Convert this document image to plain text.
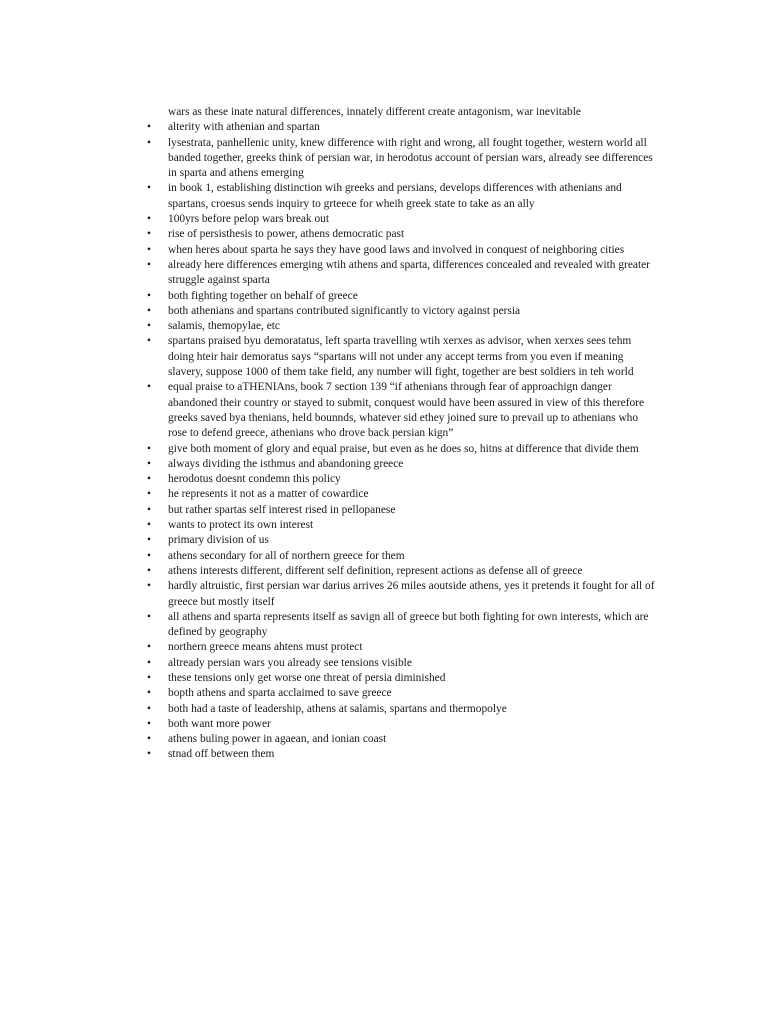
wars as these inate natural differences, innately different create antagonism, war inevitable
•	alterity with athenian and spartan
•	lysestrata, panhellenic unity, knew difference with right and wrong, all fought together, western world all banded together, greeks think of persian war, in herodotus account of persian wars, already see differences in sparta and athens emerging
•	in book 1, establishing distinction wih greeks and persians, develops differences with athenians and spartans, croesus sends inquiry to grteece for wheih greek state to take as an ally
•	100yrs before pelop wars break out
•	rise of persisthesis to power, athens democratic past
•	when heres about sparta he says they have good laws and involved in conquest of neighboring cities
•	already here differences emerging wtih athens and sparta, differences concealed and revealed with greater struggle against sparta
•	both fighting together on behalf of greece
•	both athenians and spartans contributed significantly to victory against persia
•	salamis, themopylae, etc
•	spartans praised byu demoratatus, left sparta travelling wtih xerxes as advisor, when xerxes sees tehm doing hteir hair demoratus says “spartans will not under any accept terms from you even if meaning slavery, suppose 1000 of them take field, any number will fight, together are best soldiers in teh world
•	equal praise to aTHENIAns, book 7 section 139 “if athenians through fear of approachign danger abandoned their country or stayed to submit, conquest would have been assured in view of this therefore greeks saved bya thenians, held bounnds, whatever sid ethey joined sure to prevail up to athenians who rose to defend greece, athenians who drove back persian kign”
•	give both moment of glory and equal praise, but even as he does so, hitns at difference that divide them
•	always dividing the isthmus and abandoning greece
•	herodotus doesnt condemn this policy
•	he represents it not as a matter of cowardice
•	but rather spartas self interest rised in pellopanese
•	wants to protect its own interest
•	primary division of us
•	athens secondary for all of northern greece for them
•	athens interests different, different self definition, represent actions as defense all of greece
•	hardly altruistic, first persian war darius arrives 26 miles aoutside athens, yes it pretends it fought for all of greece but mostly itself
•	all athens and sparta represents itself as savign all of greece but both fighting for own interests, which are defined by geography
•	northern greece means ahtens must protect
•	altready persian wars you already see tensions visible
•	these tensions only get worse one threat of persia diminished
•	bopth athens and sparta acclaimed to save greece
•	both had a taste of leadership, athens at salamis, spartans and thermopolye
•	both want more power
•	athens buling power in agaean, and ionian coast
•	stnad off between them
